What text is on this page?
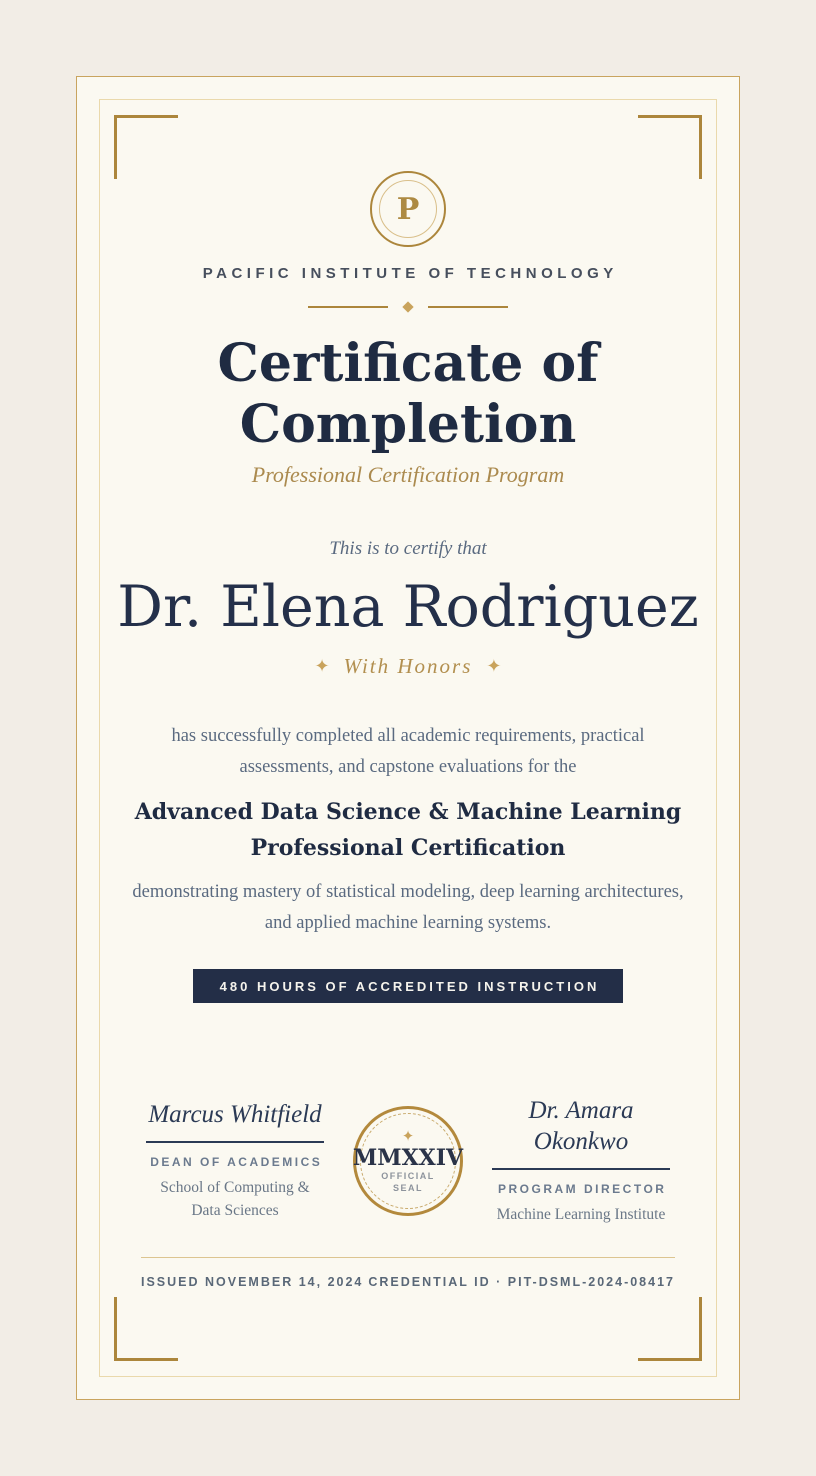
P
PACIFIC INSTITUTE OF TECHNOLOGY
Certificate of
Completion
Professional Certification Program
This is to certify that
Dr. Elena Rodriguez
✦ With Honors ✦

has successfully completed all academic requirements, practical assessments, and capstone evaluations for the

Advanced Data Science & Machine Learning
Professional Certification

demonstrating mastery of statistical modeling, deep learning architectures, and applied machine learning systems.

480 HOURS OF ACCREDITED INSTRUCTION
Marcus Whitfield
DEAN OF ACADEMICS
School of Computing & Data Sciences
✦
MMXXIV
OFFICIAL
SEAL
Dr. Amara Okonkwo
PROGRAM DIRECTOR
Machine Learning Institute
ISSUED NOVEMBER 14, 2024 CREDENTIAL ID · PIT-DSML-2024-08417
